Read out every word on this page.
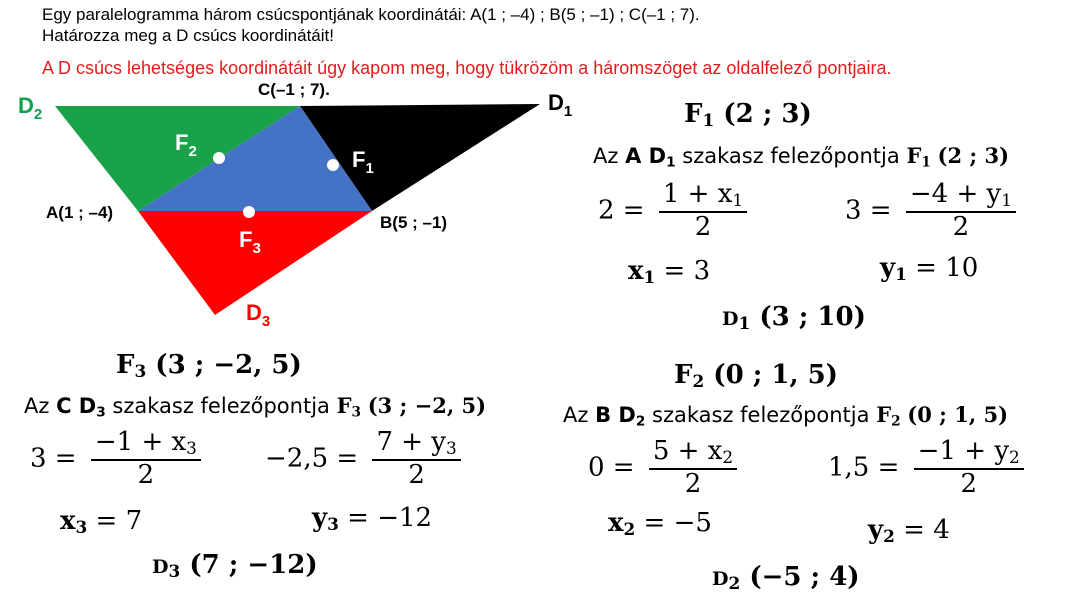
Egy paralelogramma három csúcspontjának koordinátái: A(1 ; –4) ; B(5 ; –1) ; C(–1 ; 7).
Határozza meg a D csúcs koordinátáit!
A D csúcs lehetséges koordinátáit úgy kapom meg, hogy tükrözöm a háromszöget az oldalfelező pontjaira.
C(–1 ; 7).
A(1 ; –4)
B(5 ; –1)
$D_2$	$D_1$
$D_3$
$F_2$	$F_1$
$F_3$
$F_1$ (2 ; 3)
Az A $D_1$ szakasz felezőpontja $F_1$ (2 ; 3)
$2 = \frac{1 + x_1}{2}$	$3 = \frac{-4 + y_1}{2}$
$x_1 = 3$	$y_1 = 10$
$D_1$ (3 ; 10)
$F_3$ (3 ; −2, 5)
Az C $D_3$ szakasz felezőpontja $F_3$ (3 ; −2, 5)
$3 = \frac{-1 + x_3}{2} -2,5 = \frac{7 + y_3}{2}$
$x_3 = 7$	$y_3 = -12$
$D_3$ (7 ; −12)
$F_2$ (0 ; 1, 5)
Az B $D_2$ szakasz felezőpontja $F_2$ (0 ; 1, 5)
$0 = \frac{5 + x_2}{2}$	$1,5 = \frac{-1 + y_2}{2}$
$x_2 = -5$	$y_2 = 4$
$D_2$ (−5 ; 4)
